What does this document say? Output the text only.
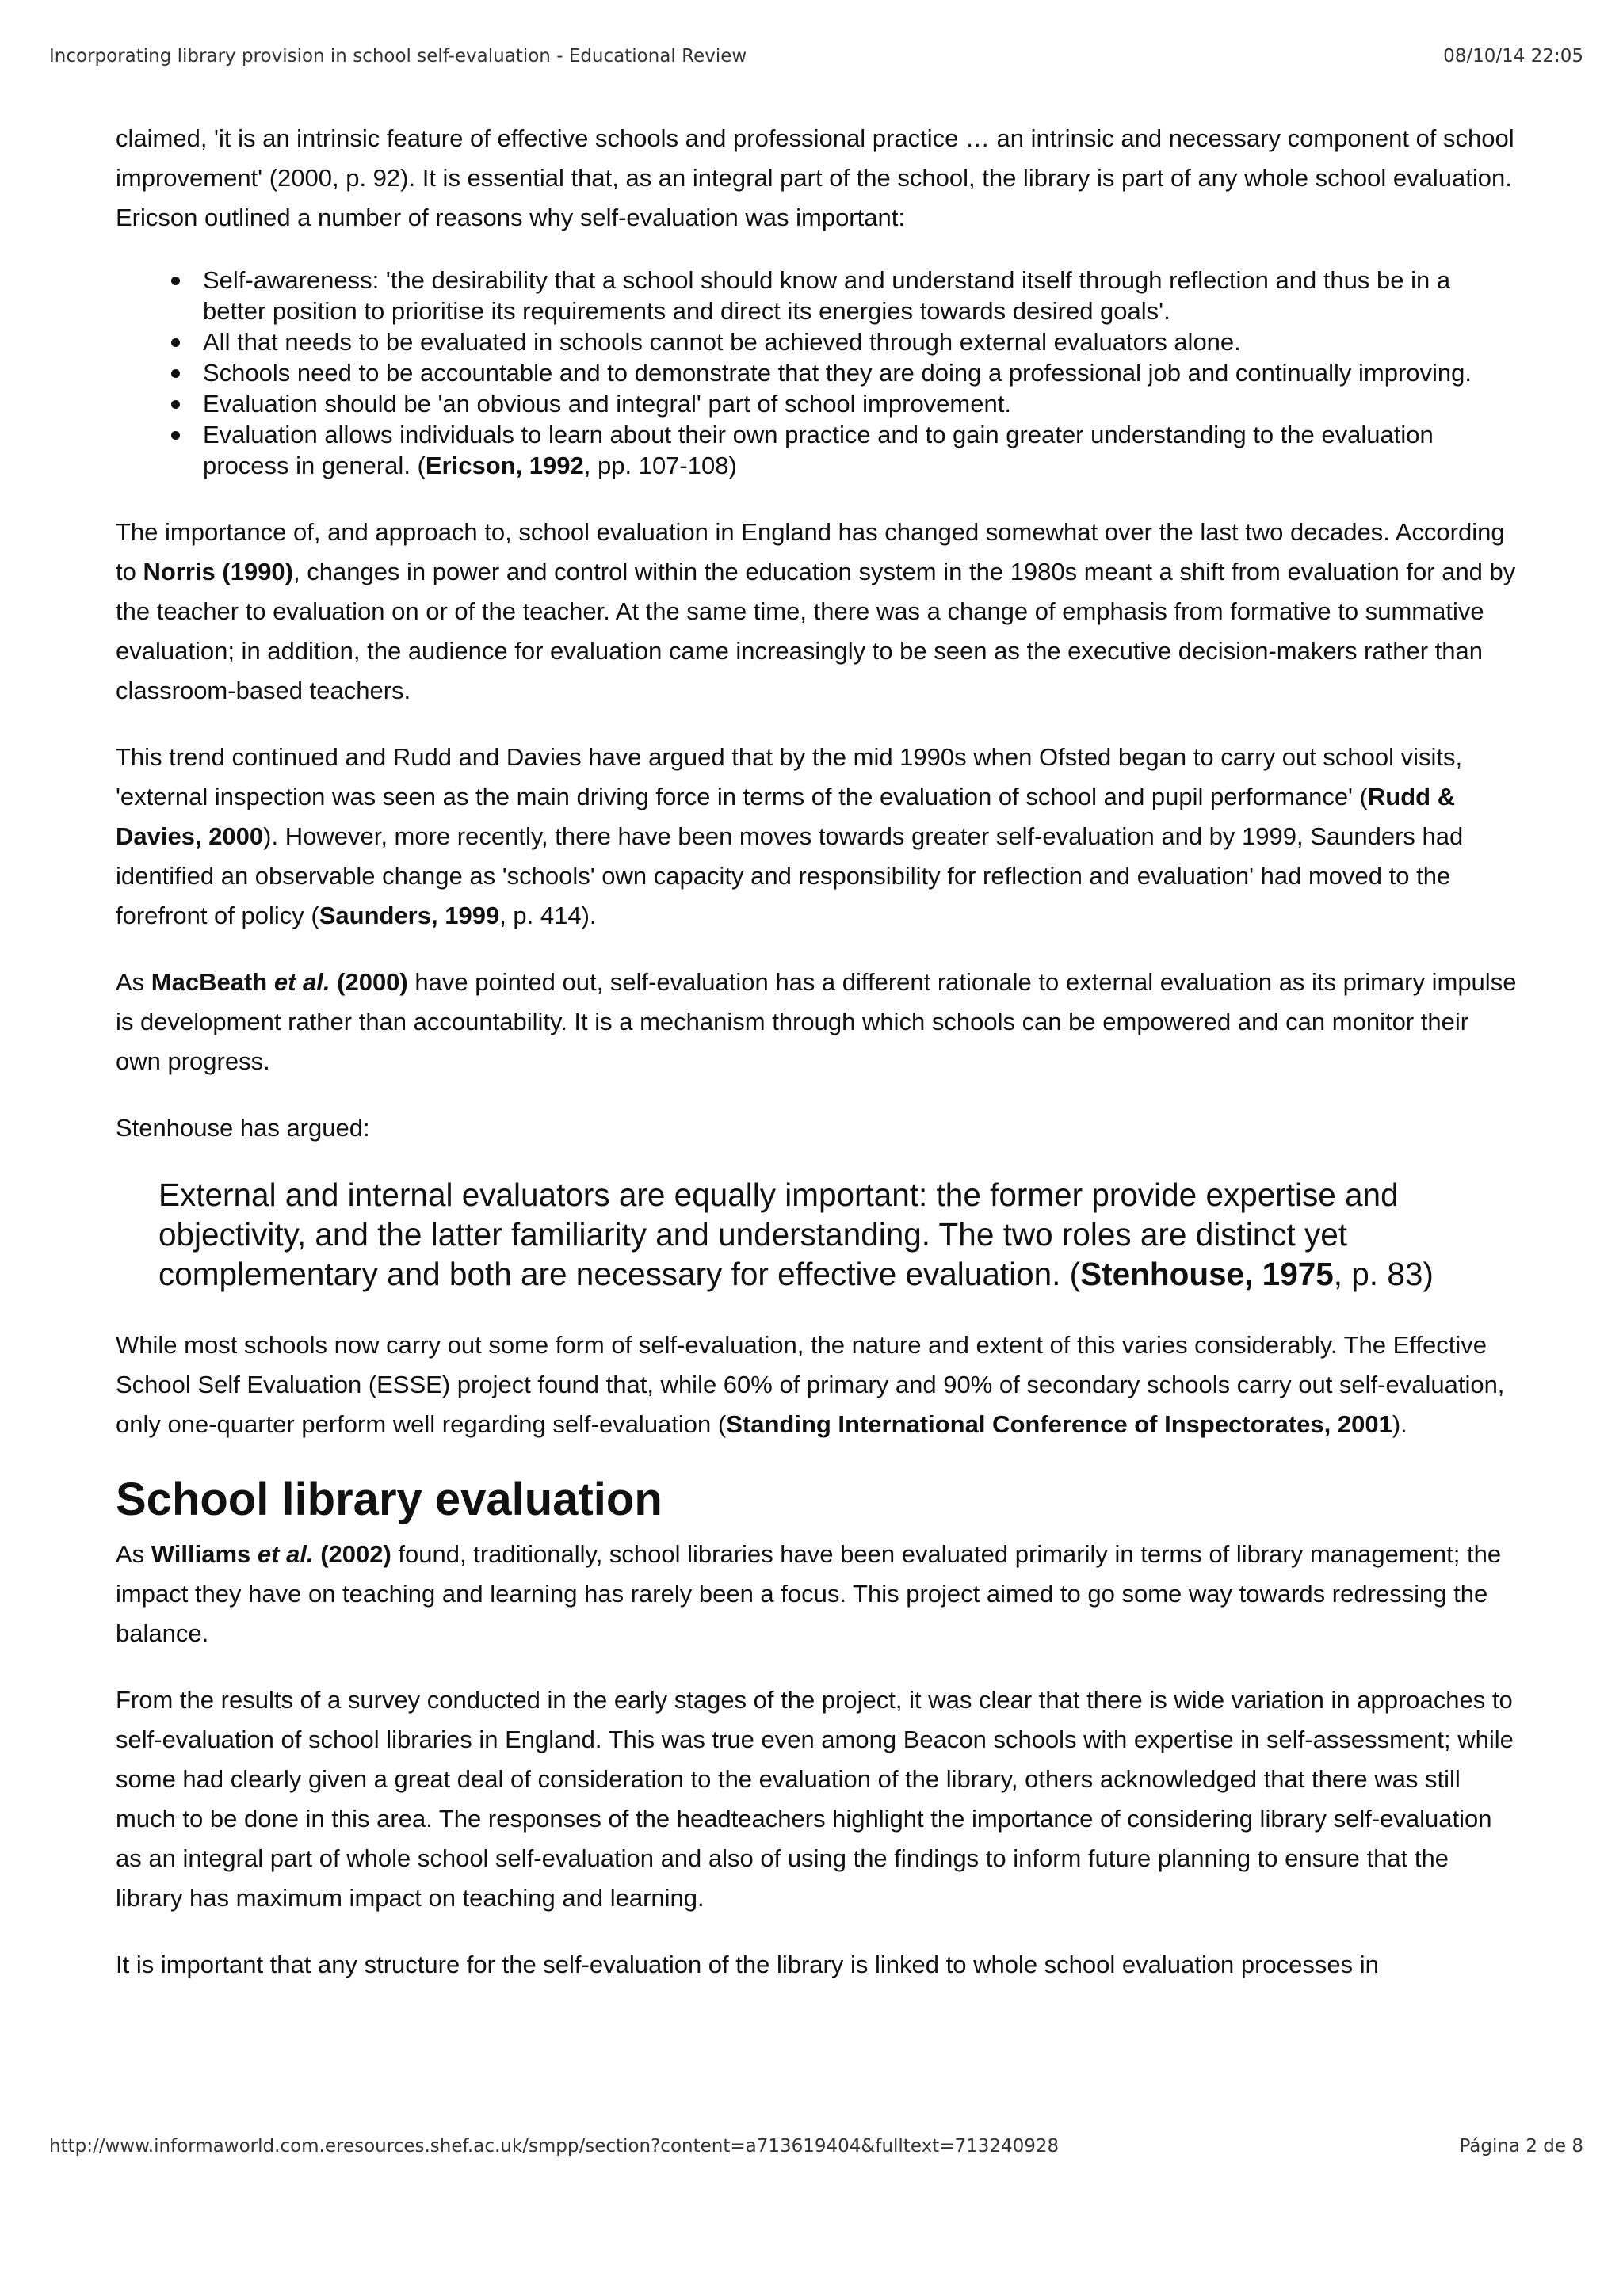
Incorporating library provision in school self-evaluation - Educational Review	08/10/14 22:05

claimed, 'it is an intrinsic feature of effective schools and professional practice … an intrinsic and necessary component of school improvement' (2000, p. 92). It is essential that, as an integral part of the school, the library is part of any whole school evaluation. Ericson outlined a number of reasons why self-evaluation was important:

Self-awareness: 'the desirability that a school should know and understand itself through reflection and thus be in a better position to prioritise its requirements and direct its energies towards desired goals'.
All that needs to be evaluated in schools cannot be achieved through external evaluators alone.
Schools need to be accountable and to demonstrate that they are doing a professional job and continually improving.
Evaluation should be 'an obvious and integral' part of school improvement.
Evaluation allows individuals to learn about their own practice and to gain greater understanding to the evaluation process in general. (Ericson, 1992, pp. 107-108)

The importance of, and approach to, school evaluation in England has changed somewhat over the last two decades. According to Norris (1990), changes in power and control within the education system in the 1980s meant a shift from evaluation for and by the teacher to evaluation on or of the teacher. At the same time, there was a change of emphasis from formative to summative evaluation; in addition, the audience for evaluation came increasingly to be seen as the executive decision-makers rather than classroom-based teachers.

This trend continued and Rudd and Davies have argued that by the mid 1990s when Ofsted began to carry out school visits, 'external inspection was seen as the main driving force in terms of the evaluation of school and pupil performance' (Rudd & Davies, 2000). However, more recently, there have been moves towards greater self-evaluation and by 1999, Saunders had identified an observable change as 'schools' own capacity and responsibility for reflection and evaluation' had moved to the forefront of policy (Saunders, 1999, p. 414).

As MacBeath et al. (2000) have pointed out, self-evaluation has a different rationale to external evaluation as its primary impulse is development rather than accountability. It is a mechanism through which schools can be empowered and can monitor their own progress.

Stenhouse has argued:

External and internal evaluators are equally important: the former provide expertise and objectivity, and the latter familiarity and understanding. The two roles are distinct yet complementary and both are necessary for effective evaluation. (Stenhouse, 1975, p. 83)

While most schools now carry out some form of self-evaluation, the nature and extent of this varies considerably. The Effective School Self Evaluation (ESSE) project found that, while 60% of primary and 90% of secondary schools carry out self-evaluation, only one-quarter perform well regarding self-evaluation (Standing International Conference of Inspectorates, 2001).

School library evaluation

As Williams et al. (2002) found, traditionally, school libraries have been evaluated primarily in terms of library management; the impact they have on teaching and learning has rarely been a focus. This project aimed to go some way towards redressing the balance.

From the results of a survey conducted in the early stages of the project, it was clear that there is wide variation in approaches to self-evaluation of school libraries in England. This was true even among Beacon schools with expertise in self-assessment; while some had clearly given a great deal of consideration to the evaluation of the library, others acknowledged that there was still much to be done in this area. The responses of the headteachers highlight the importance of considering library self-evaluation as an integral part of whole school self-evaluation and also of using the findings to inform future planning to ensure that the library has maximum impact on teaching and learning.

It is important that any structure for the self-evaluation of the library is linked to whole school evaluation processes in

http://www.informaworld.com.eresources.shef.ac.uk/smpp/section?content=a713619404&fulltext=713240928	Página 2 de 8
